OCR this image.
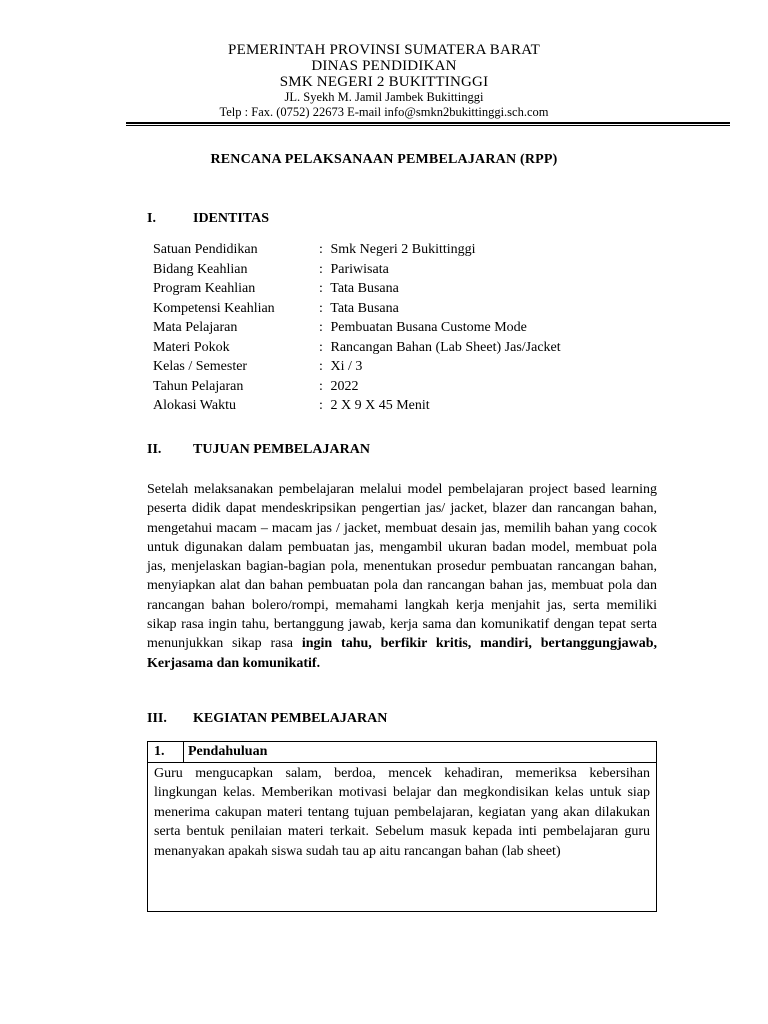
PEMERINTAH PROVINSI SUMATERA BARAT
DINAS PENDIDIKAN
SMK NEGERI 2 BUKITTINGGI
JL. Syekh M. Jamil Jambek Bukittinggi
Telp : Fax. (0752) 22673 E-mail info@smkn2bukittinggi.sch.com
RENCANA PELAKSANAAN PEMBELAJARAN (RPP)
I.	IDENTITAS
Satuan Pendidikan	: Smk Negeri 2 Bukittinggi
Bidang Keahlian	: Pariwisata
Program Keahlian	: Tata Busana
Kompetensi Keahlian	: Tata Busana
Mata Pelajaran	: Pembuatan Busana Custome Mode
Materi Pokok	: Rancangan Bahan (Lab Sheet) Jas/Jacket
Kelas / Semester	: Xi / 3
Tahun Pelajaran	: 2022
Alokasi Waktu	: 2 X 9 X 45 Menit
II. TUJUAN PEMBELAJARAN
Setelah melaksanakan pembelajaran melalui model pembelajaran project based learning peserta didik dapat mendeskripsikan pengertian jas/ jacket, blazer dan rancangan bahan, mengetahui macam – macam jas / jacket, membuat desain jas, memilih bahan yang cocok untuk digunakan dalam pembuatan jas, mengambil ukuran badan model, membuat pola jas, menjelaskan bagian-bagian pola, menentukan prosedur pembuatan rancangan bahan, menyiapkan alat dan bahan pembuatan pola dan rancangan bahan jas, membuat pola dan rancangan bahan bolero/rompi, memahami langkah kerja menjahit jas, serta memiliki sikap rasa ingin tahu, bertanggung jawab, kerja sama dan komunikatif dengan tepat serta menunjukkan sikap rasa ingin tahu, berfikir kritis, mandiri, bertanggungjawab, Kerjasama dan komunikatif.
III. KEGIATAN PEMBELAJARAN
1.	Pendahuluan
Guru mengucapkan salam, berdoa, mencek kehadiran, memeriksa kebersihan lingkungan kelas. Memberikan motivasi belajar dan megkondisikan kelas untuk siap menerima cakupan materi tentang tujuan pembelajaran, kegiatan yang akan dilakukan serta bentuk penilaian materi terkait. Sebelum masuk kepada inti pembelajaran guru menanyakan apakah siswa sudah tau ap aitu rancangan bahan (lab sheet)
